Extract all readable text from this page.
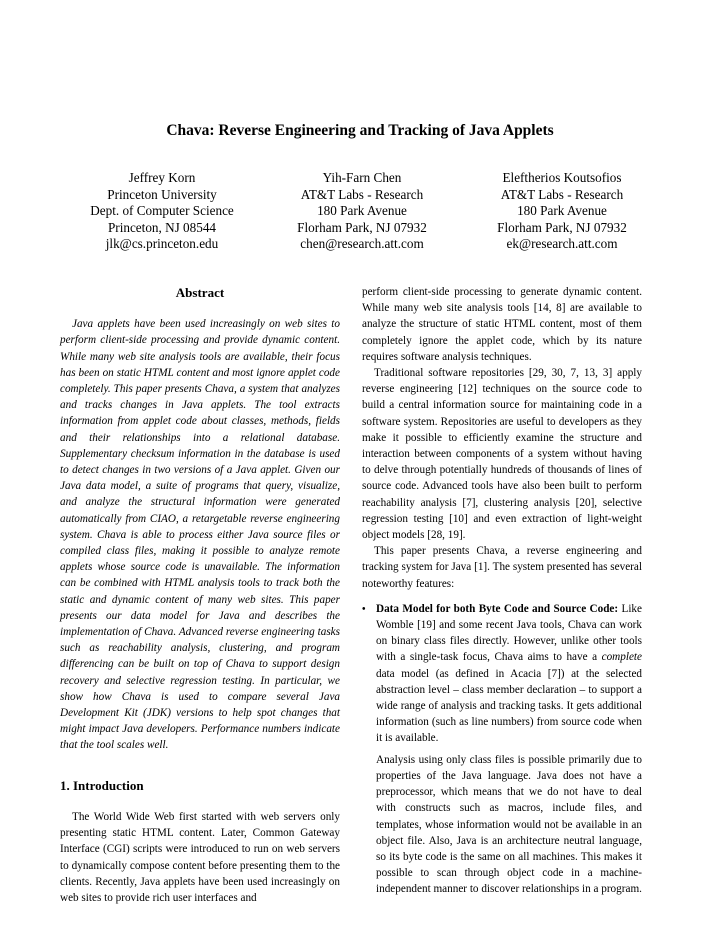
Chava: Reverse Engineering and Tracking of Java Applets
Jeffrey Korn
Princeton University
Dept. of Computer Science
Princeton, NJ 08544
jlk@cs.princeton.edu
Yih-Farn Chen
AT&T Labs - Research
180 Park Avenue
Florham Park, NJ 07932
chen@research.att.com
Eleftherios Koutsofios
AT&T Labs - Research
180 Park Avenue
Florham Park, NJ 07932
ek@research.att.com
Abstract

Java applets have been used increasingly on web sites to perform client-side processing and provide dynamic content. While many web site analysis tools are available, their focus has been on static HTML content and most ignore applet code completely. This paper presents Chava, a system that analyzes and tracks changes in Java applets. The tool extracts information from applet code about classes, methods, fields and their relationships into a relational database. Supplementary checksum information in the database is used to detect changes in two versions of a Java applet. Given our Java data model, a suite of programs that query, visualize, and analyze the structural information were generated automatically from CIAO, a retargetable reverse engineering system. Chava is able to process either Java source files or compiled class files, making it possible to analyze remote applets whose source code is unavailable. The information can be combined with HTML analysis tools to track both the static and dynamic content of many web sites. This paper presents our data model for Java and describes the implementation of Chava. Advanced reverse engineering tasks such as reachability analysis, clustering, and program differencing can be built on top of Chava to support design recovery and selective regression testing. In particular, we show how Chava is used to compare several Java Development Kit (JDK) versions to help spot changes that might impact Java developers. Performance numbers indicate that the tool scales well.

1. Introduction

The World Wide Web first started with web servers only presenting static HTML content. Later, Common Gateway Interface (CGI) scripts were introduced to run on web servers to dynamically compose content before presenting them to the clients. Recently, Java applets have been used increasingly on web sites to provide rich user interfaces and

perform client-side processing to generate dynamic content. While many web site analysis tools [14, 8] are available to analyze the structure of static HTML content, most of them completely ignore the applet code, which by its nature requires software analysis techniques.

Traditional software repositories [29, 30, 7, 13, 3] apply reverse engineering [12] techniques on the source code to build a central information source for maintaining code in a software system. Repositories are useful to developers as they make it possible to efficiently examine the structure and interaction between components of a system without having to delve through potentially hundreds of thousands of lines of source code. Advanced tools have also been built to perform reachability analysis [7], clustering analysis [20], selective regression testing [10] and even extraction of light-weight object models [28, 19].

This paper presents Chava, a reverse engineering and tracking system for Java [1]. The system presented has several noteworthy features:

• Data Model for both Byte Code and Source Code: Like Womble [19] and some recent Java tools, Chava can work on binary class files directly. However, unlike other tools with a single-task focus, Chava aims to have a complete data model (as defined in Acacia [7]) at the selected abstraction level – class member declaration – to support a wide range of analysis and tracking tasks. It gets additional information (such as line numbers) from source code when it is available.

Analysis using only class files is possible primarily due to properties of the Java language. Java does not have a preprocessor, which means that we do not have to deal with constructs such as macros, include files, and templates, whose information would not be available in an object file. Also, Java is an architecture neutral language, so its byte code is the same on all machines. This makes it possible to scan through object code in a machine-independent manner to discover relationships in a program.
